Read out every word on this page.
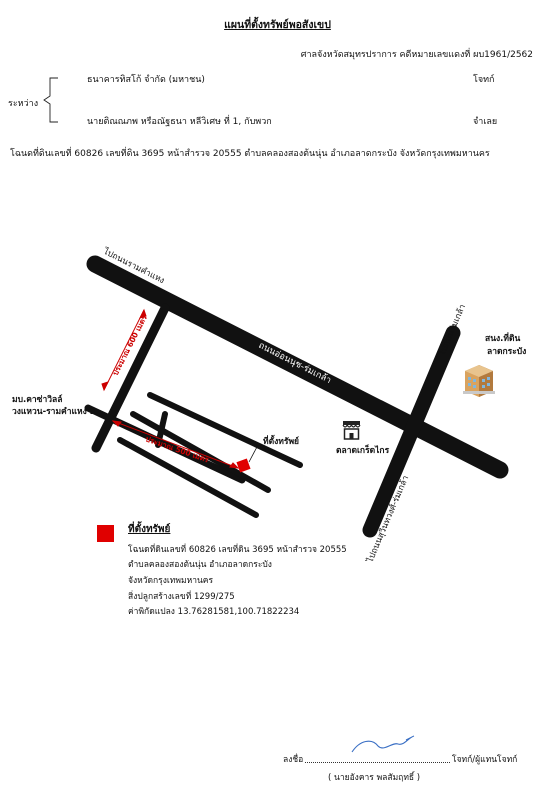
แผนที่ตั้งทรัพย์พอสังเขป
ศาลจังหวัดสมุทรปราการ คดีหมายเลขแดงที่ ผบ1961/2562
ระหว่าง
ธนาคารทิสโก้ จำกัด (มหาชน)	โจทก์
นายติณณภพ หรือณัฐธนา หลีวิเศษ ที่ 1, กับพวก	จำเลย
โฉนดที่ดินเลขที่ 60826 เลขที่ดิน 3695 หน้าสำรวจ 20555 ตำบลคลองสองต้นนุ่น อำเภอลาดกระบัง จังหวัดกรุงเทพมหานคร
ไปถนนรามคำแหง
ถนนอ่อนนุช-ร่มเกล้า
ไปถนนร่มเกล้า
ไปถนนสุวินทวงศ์-ร่มเกล้า
ประมาณ 600 เมตร
ประมาณ 500 เมตร
มบ.คาซ่าวิลล์
วงแหวน-รามคำแหง 2
สนง.ที่ดิน
ลาดกระบัง
ที่ตั้งทรัพย์
ตลาดเกร็ดไกร
ที่ตั้งทรัพย์
โฉนดที่ดินเลขที่ 60826 เลขที่ดิน 3695 หน้าสำรวจ 20555
ตำบลคลองสองต้นนุ่น อำเภอลาดกระบัง
จังหวัดกรุงเทพมหานคร
สิ่งปลูกสร้างเลขที่ 1299/275
ค่าพิกัดแปลง 13.76281581,100.71822234
ลงชื่อ	โจทก์/ผู้แทนโจทก์
( นายอังคาร พลสัมฤทธิ์ )
